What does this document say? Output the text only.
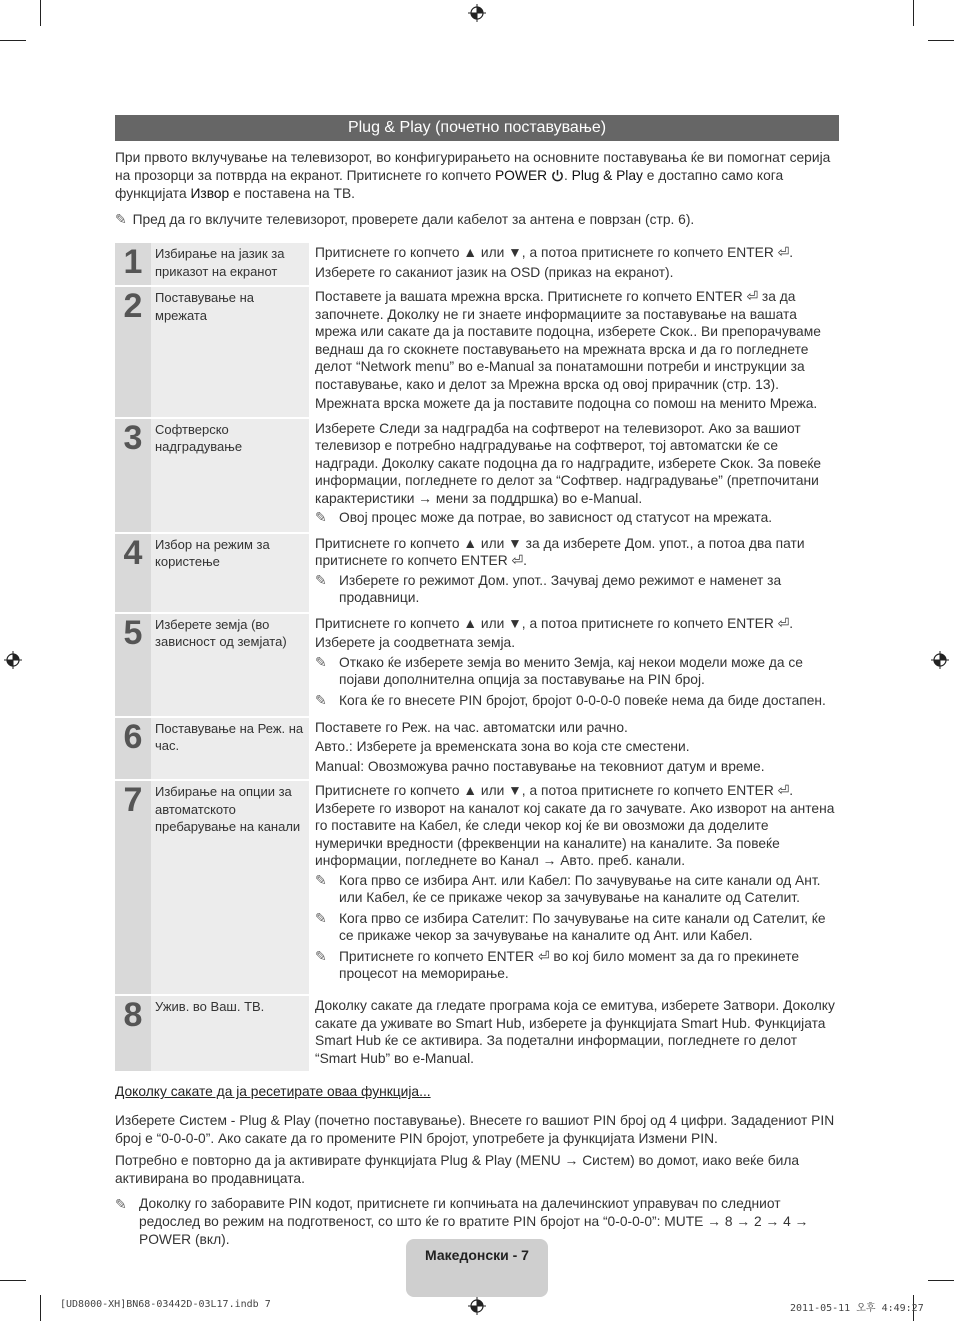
Plug & Play (почетно поставување)
При првото вклучување на телевизорот, во конфигурирањето на основните поставувања ќе ви помогнат серија на прозорци за потврда на екранот. Притиснете го копчето POWER . Plug & Play е достапно само кога функцијата Извор е поставена на ТВ.
✎ Пред да го вклучите телевизорот, проверете дали кабелот за антена е поврзан (стр. 6).
1 Избирање на јазик за приказот на екранот

Притиснете го копчето ▲ или ▼, а потоа притиснете го копчето ENTER ⏎.

Изберете го саканиот јазик на OSD (приказ на екранот).

2 Поставување на мрежата

Поставете ја вашата мрежна врска. Притиснете го копчето ENTER ⏎ за да започнете. Доколку не ги знаете информациите за поставување на вашата мрежа или сакате да ја поставите подоцна, изберете Скок.. Ви препорачуваме веднаш да го скокнете поставувањето на мрежната врска и да го погледнете делот “Network menu” во e-Manual за понатамошни потреби и инструкции за поставување, како и делот за Мрежна врска од овој прирачник (стр. 13).

Мрежната врска можете да ја поставите подоцна со помош на менито Мрежа.

3 Софтверско надградување

Изберете Следи за надградба на софтверот на телевизорот. Ако за вашиот телевизор е потребно надградување на софтверот, тој автоматски ќе се надгради. Доколку сакате подоцна да го надградите, изберете Скок. За повеќе информации, погледнете го делот за “Софтвер. надградување” (претпочитани карактеристики → мени за поддршка) во e-Manual.

✎ Овој процес може да потрае, во зависност од статусот на мрежата.

4 Избор на режим за користење

Притиснете го копчето ▲ или ▼ за да изберете Дом. упот., а потоа два пати притиснете го копчето ENTER ⏎.

✎ Изберете го режимот Дом. упот.. Зачувај демо режимот е наменет за продавници.

5 Изберете земја (во зависност од земјата)

Притиснете го копчето ▲ или ▼, а потоа притиснете го копчето ENTER ⏎.

Изберете ја соодветната земја.

✎ Откако ќе изберете земја во менито Земја, кај некои модели може да се појави дополнителна опција за поставување на PIN број.

✎ Кога ќе го внесете PIN бројот, бројот 0-0-0-0 повеќе нема да биде достапен.

6 Поставување на Реж. на час.

Поставете го Реж. на час. автоматски или рачно.

Авто.: Изберете ја временската зона во која сте сместени.

Manual: Овозможува рачно поставување на тековниот датум и време.

7 Избирање на опции за автоматското пребарување на канали

Притиснете го копчето ▲ или ▼, а потоа притиснете го копчето ENTER ⏎. Изберете го изворот на каналот кој сакате да го зачувате. Ако изворот на антена го поставите на Кабел, ќе следи чекор кој ќе ви овозможи да доделите нумерички вредности (фреквенции на каналите) на каналите. За повеќе информации, погледнете во Канал → Авто. преб. канали.

✎ Кога прво се избира Ант. или Кабел: По зачувување на сите канали од Ант. или Кабел, ќе се прикаже чекор за зачувување на каналите од Сателит.

✎ Кога прво се избира Сателит: По зачувување на сите канали од Сателит, ќе се прикаже чекор за зачувување на каналите од Ант. или Кабел.

✎ Притиснете го копчето ENTER ⏎ во кој било момент за да го прекинете процесот на меморирање.

8 Ужив. во Ваш. ТВ.	Доколку сакате да гледате програма која се емитува, изберете Затвори. Доколку сакате да уживате во Smart Hub, изберете ја функцијата Smart Hub. Функцијата Smart Hub ќе се активира. За подетални информации, погледнете го делот “Smart Hub” во e-Manual.

Доколку сакате да ја ресетирате оваа функција...
Изберете Систем - Plug & Play (почетно поставување). Внесете го вашиот PIN број од 4 цифри. Зададениот PIN број е “0-0-0-0”. Ако сакате да го промените PIN бројот, употребете ја функцијата Измени PIN.
Потребно е повторно да ја активирате функцијата Plug & Play (MENU → Систем) во домот, иако веќе била активирана во продавницата.
✎ Доколку го заборавите PIN кодот, притиснете ги копчињата на далечинскиот управувач по следниот редослед во режим на подготвеност, со што ќе го вратите PIN бројот на “0-0-0-0”: MUTE → 8 → 2 → 4 → POWER (вкл).
Македонски - 7
[UD8000-XH]BN68-03442D-03L17.indb 7	2011-05-11 오후 4:49:27
